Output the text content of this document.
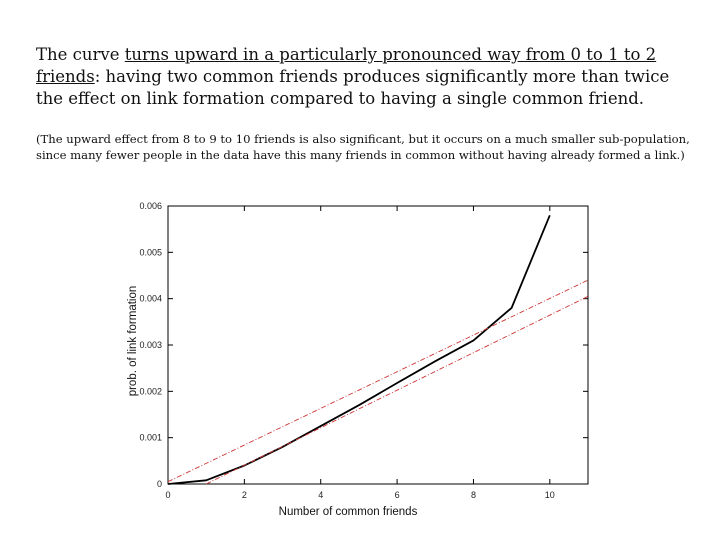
The curve turns upward in a particularly pronounced way from 0 to 1 to 2 friends: having two common friends produces significantly more than twice the effect on link formation compared to having a single common friend.
(The upward effect from 8 to 9 to 10 friends is also significant, but it occurs on a much smaller sub-population, since many fewer people in the data have this many friends in common without having already formed a link.)
0
0.001
0.002
0.003
0.004
0.005
0.006
0	2	4	6	8	10
Number of common friends
prob. of link formation
